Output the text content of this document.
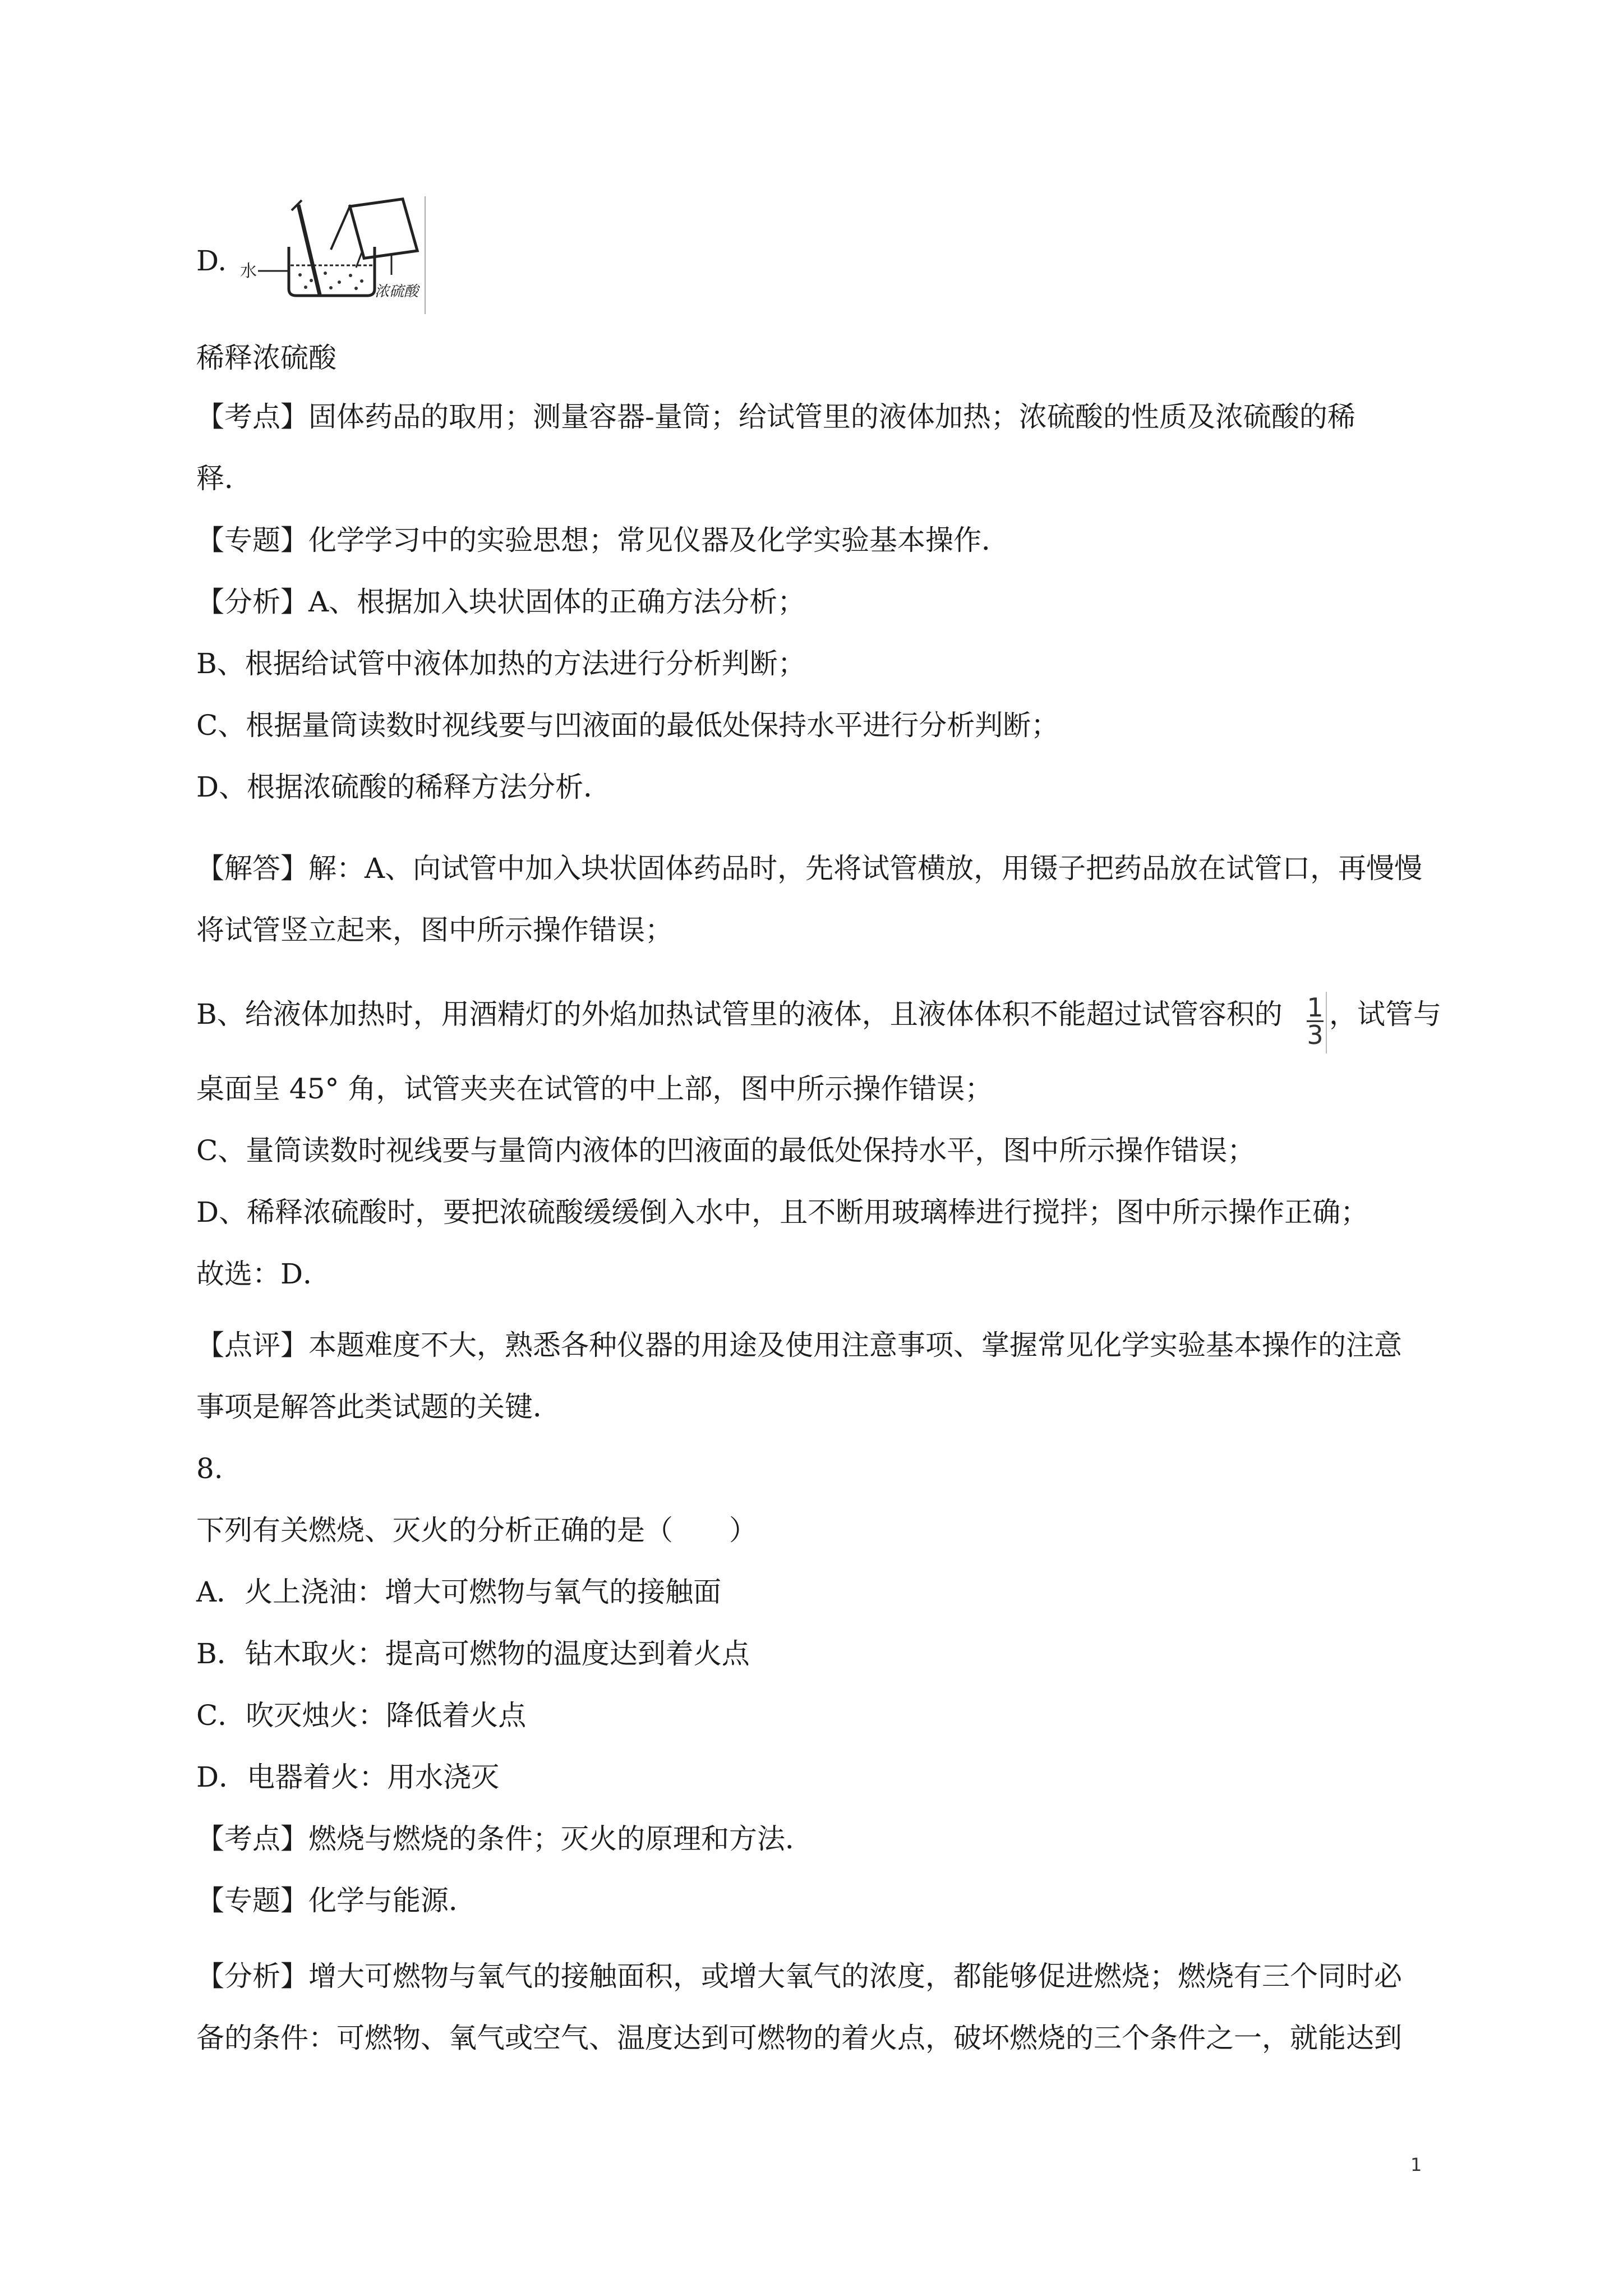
D. 水
浓硫酸
稀释浓硫酸
【考点】固体药品的取用；测量容器-量筒；给试管里的液体加热；浓硫酸的性质及浓硫酸的稀
释．
【专题】化学学习中的实验思想；常见仪器及化学实验基本操作．
【分析】A、根据加入块状固体的正确方法分析；
B、根据给试管中液体加热的方法进行分析判断；
C、根据量筒读数时视线要与凹液面的最低处保持水平进行分析判断；
D、根据浓硫酸的稀释方法分析．
【解答】解：A、向试管中加入块状固体药品时，先将试管横放，用镊子把药品放在试管口，再慢慢
将试管竖立起来，图中所示操作错误；
B、给液体加热时，用酒精灯的外焰加热试管里的液体，且液体体积不能超过试管容积的 $\frac{1}{3}$ ，试管与
桌面呈 45° 角，试管夹夹在试管的中上部，图中所示操作错误；
C、量筒读数时视线要与量筒内液体的凹液面的最低处保持水平，图中所示操作错误；
D、稀释浓硫酸时，要把浓硫酸缓缓倒入水中，且不断用玻璃棒进行搅拌；图中所示操作正确；
故选：D．
【点评】本题难度不大，熟悉各种仪器的用途及使用注意事项、掌握常见化学实验基本操作的注意
事项是解答此类试题的关键．
8.
下列有关燃烧、灭火的分析正确的是（　　）
A．火上浇油：增大可燃物与氧气的接触面
B．钻木取火：提高可燃物的温度达到着火点
C．吹灭烛火：降低着火点
D．电器着火：用水浇灭
【考点】燃烧与燃烧的条件；灭火的原理和方法．
【专题】化学与能源．
【分析】增大可燃物与氧气的接触面积，或增大氧气的浓度，都能够促进燃烧；燃烧有三个同时必
备的条件：可燃物、氧气或空气、温度达到可燃物的着火点，破坏燃烧的三个条件之一，就能达到
1
